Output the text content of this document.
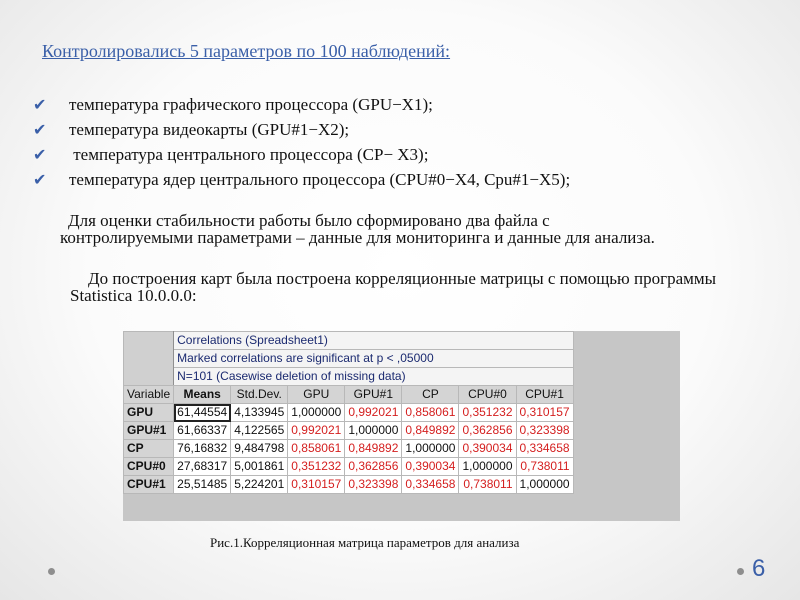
Контролировались 5 параметров по 100 наблюдений:
✔	температура графического процессора (GPU−X1);
✔	температура видеокарты (GPU#1−X2);
✔	температура центрального процессора (CP− X3);
✔	температура ядер центрального процессора (CPU#0−X4, Cpu#1−X5);
Для оценки стабильности работы было сформировано два файла с
контролируемыми параметрами – данные для мониторинга и данные для анализа.
До построения карт была построена корреляционные матрицы с помощью программы Statistica 10.0.0.0:
	Correlations (Spreadsheet1)						
	Marked correlations are significant at p < ,05000						
	N=101 (Casewise deletion of missing data)						
Variable	Means	Std.Dev.	GPU	GPU#1	CP	CPU#0	CPU#1
GPU	61,44554	4,133945	1,000000	0,992021	0,858061	0,351232	0,310157
GPU#1	61,66337	4,122565	0,992021	1,000000	0,849892	0,362856	0,323398
CP	76,16832	9,484798	0,858061	0,849892	1,000000	0,390034	0,334658
CPU#0	27,68317	5,001861	0,351232	0,362856	0,390034	1,000000	0,738011
CPU#1	25,51485	5,224201	0,310157	0,323398	0,334658	0,738011	1,000000
Рис.1.Корреляционная матрица параметров для анализа
6
